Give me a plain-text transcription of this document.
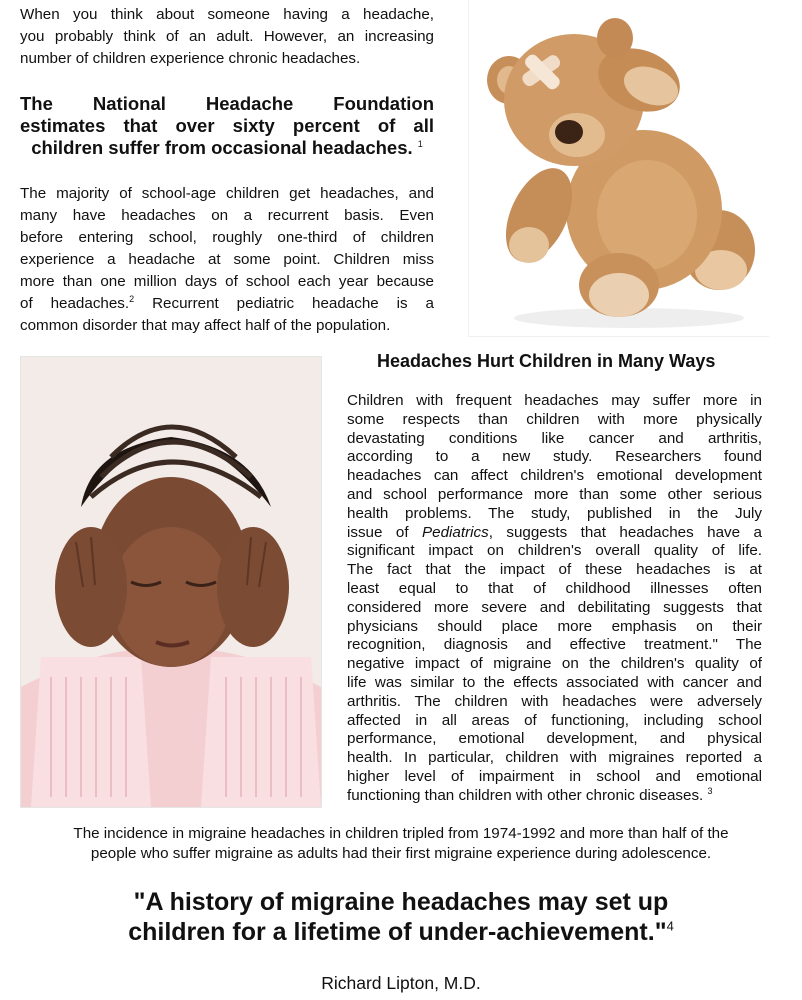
When you think about someone having a headache,
you probably think of an adult. However, an increasing
number of children experience chronic headaches.
The National Headache Foundation
estimates that over sixty percent of all
children suffer from occasional headaches. $^1$
The majority of school-age children get headaches, and
many have headaches on a recurrent basis. Even
before entering school, roughly one-third of children
experience a headache at some point. Children miss
more than one million days of school each year because
of headaches.$^2$ Recurrent pediatric headache is a
common disorder that may affect half of the population.
Headaches Hurt Children in Many Ways
Children with frequent headaches may suffer more in
some respects than children with more physically
devastating conditions like cancer and arthritis,
according to a new study. Researchers found
headaches can affect children's emotional development
and school performance more than some other serious
health problems. The study, published in the July
issue of Pediatrics, suggests that headaches have a
significant impact on children's overall quality of life.
The fact that the impact of these headaches is at
least equal to that of childhood illnesses often
considered more severe and debilitating suggests that
physicians should place more emphasis on their
recognition, diagnosis and effective treatment." The
negative impact of migraine on the children's quality of
life was similar to the effects associated with cancer and
arthritis. The children with headaches were adversely
affected in all areas of functioning, including school
performance, emotional development, and physical
health. In particular, children with migraines reported a
higher level of impairment in school and emotional
functioning than children with other chronic diseases. $^3$
The incidence in migraine headaches in children tripled from 1974-1992 and more than half of the
people who suffer migraine as adults had their first migraine experience during adolescence.
"A history of migraine headaches may set up
children for a lifetime of under-achievement."$^4$
Richard Lipton, M.D.
